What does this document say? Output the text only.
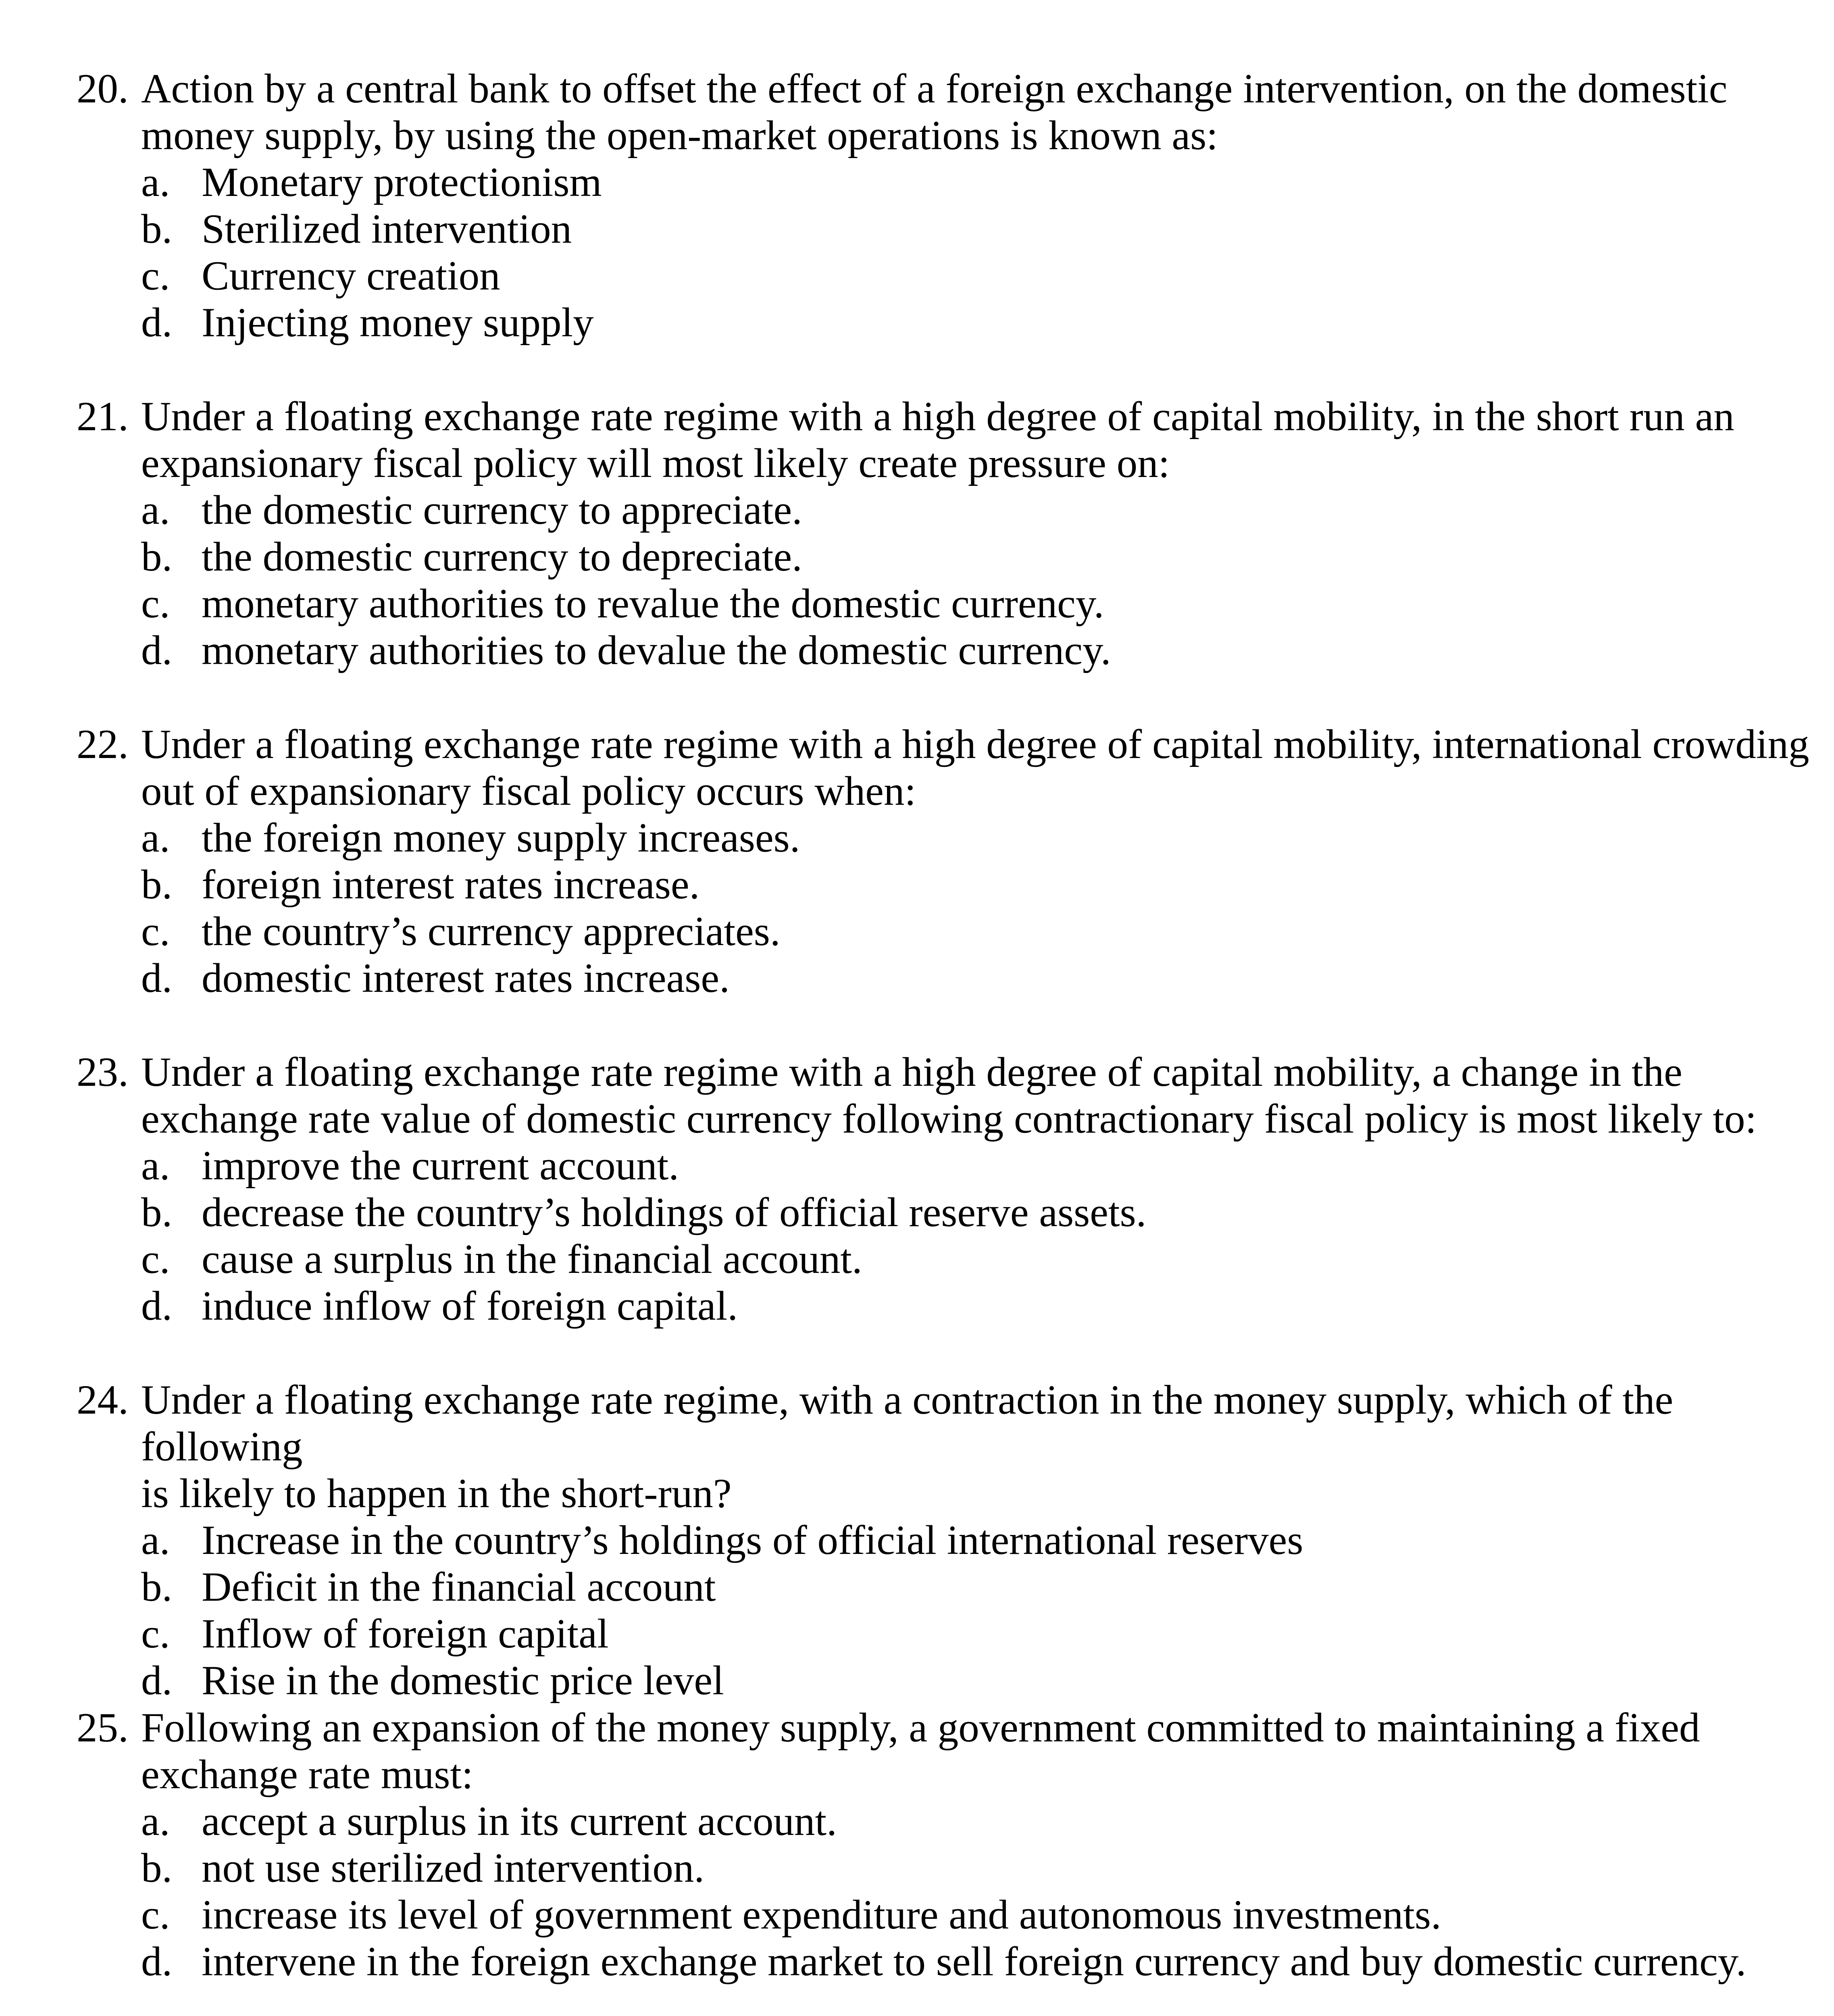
20. Action by a central bank to offset the effect of a foreign exchange intervention, on the domestic
money supply, by using the open-market operations is known as:

a. Monetary protectionism
b. Sterilized intervention
c. Currency creation
d. Injecting money supply

21. Under a floating exchange rate regime with a high degree of capital mobility, in the short run an
expansionary fiscal policy will most likely create pressure on:

a. the domestic currency to appreciate.
b. the domestic currency to depreciate.
c. monetary authorities to revalue the domestic currency.
d. monetary authorities to devalue the domestic currency.

22. Under a floating exchange rate regime with a high degree of capital mobility, international crowding
out of expansionary fiscal policy occurs when:

a. the foreign money supply increases.
b. foreign interest rates increase.
c. the country’s currency appreciates.
d. domestic interest rates increase.

23. Under a floating exchange rate regime with a high degree of capital mobility, a change in the
exchange rate value of domestic currency following contractionary fiscal policy is most likely to:

a. improve the current account.
b. decrease the country’s holdings of official reserve assets.
c. cause a surplus in the financial account.
d. induce inflow of foreign capital.

24. Under a floating exchange rate regime, with a contraction in the money supply, which of the following
is likely to happen in the short-run?

a. Increase in the country’s holdings of official international reserves
b. Deficit in the financial account
c. Inflow of foreign capital
d. Rise in the domestic price level

25. Following an expansion of the money supply, a government committed to maintaining a fixed
exchange rate must:

a. accept a surplus in its current account.
b. not use sterilized intervention.
c. increase its level of government expenditure and autonomous investments.
d. intervene in the foreign exchange market to sell foreign currency and buy domestic currency.
